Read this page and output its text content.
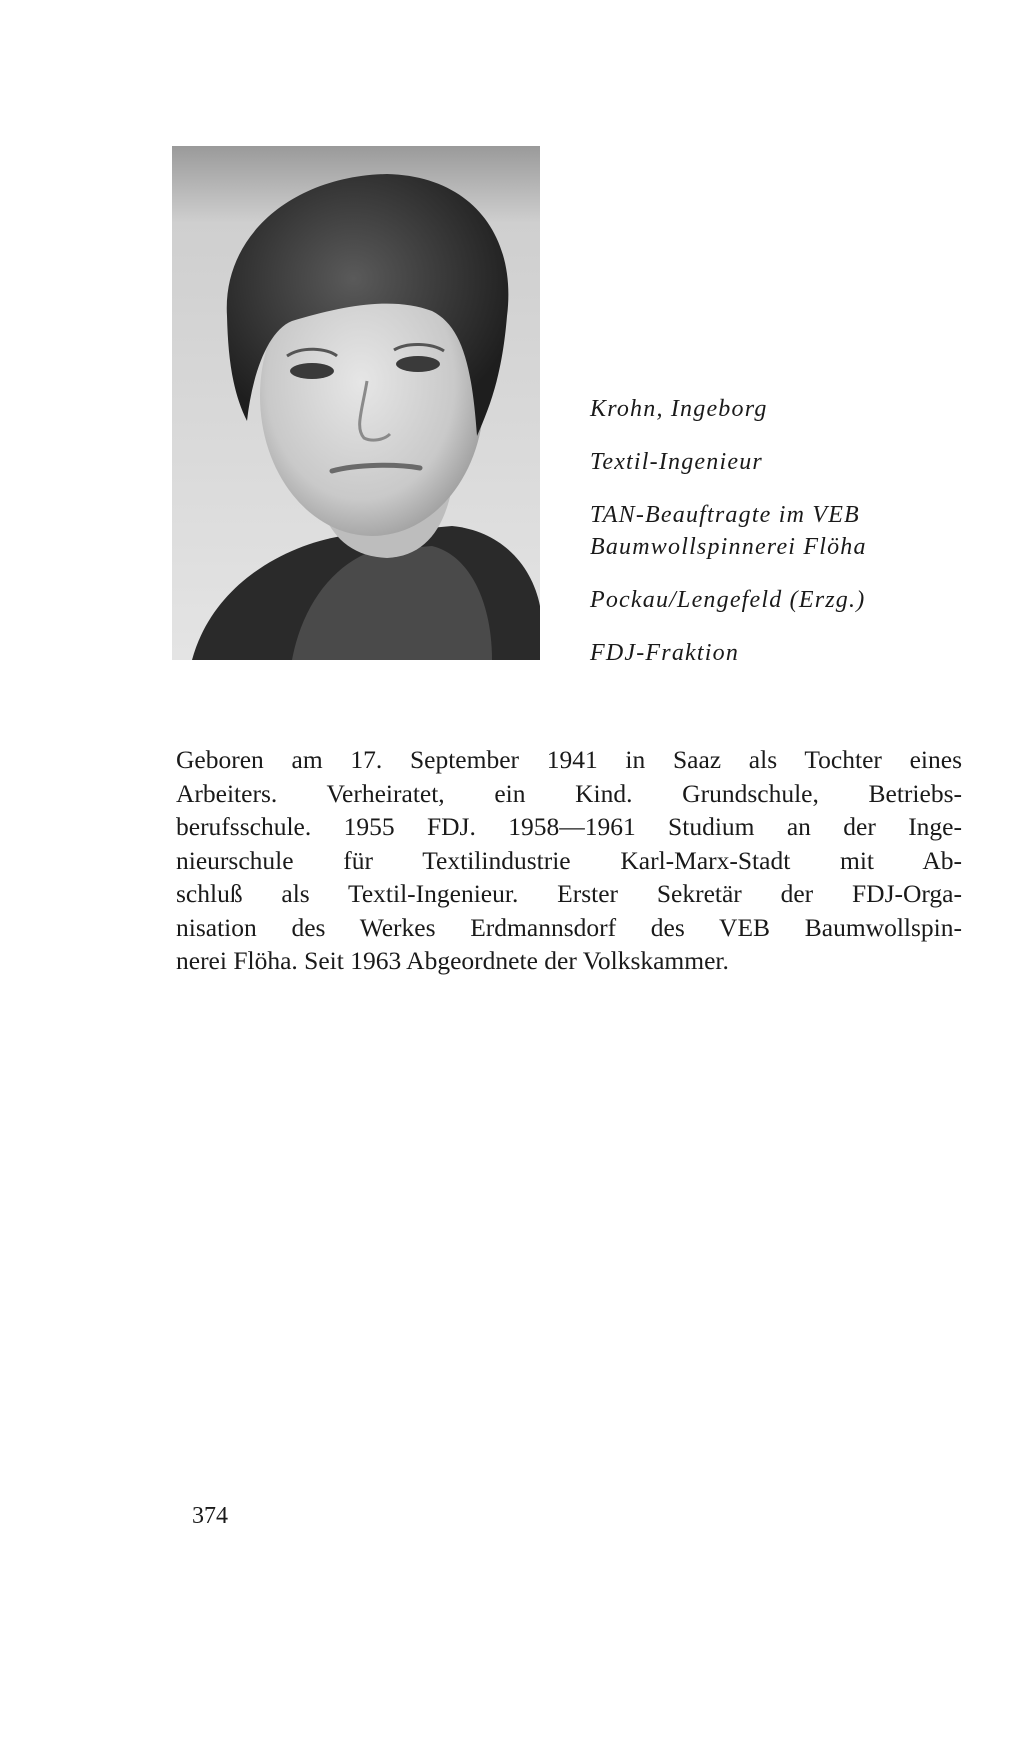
Krohn, Ingeborg

Textil-Ingenieur

TAN-Beauftragte im VEB

Baumwollspinnerei Flöha

Pockau/Lengefeld (Erzg.)

FDJ-Fraktion

Geboren am 17. September 1941 in Saaz als Tochter eines
Arbeiters. Verheiratet, ein Kind. Grundschule, Betriebs-
berufsschule. 1955 FDJ. 1958—1961 Studium an der Inge-
nieurschule für Textilindustrie Karl-Marx-Stadt mit Ab-
schluß als Textil-Ingenieur. Erster Sekretär der FDJ-Orga-
nisation des Werkes Erdmannsdorf des VEB Baumwollspin-
nerei Flöha. Seit 1963 Abgeordnete der Volkskammer.

374
